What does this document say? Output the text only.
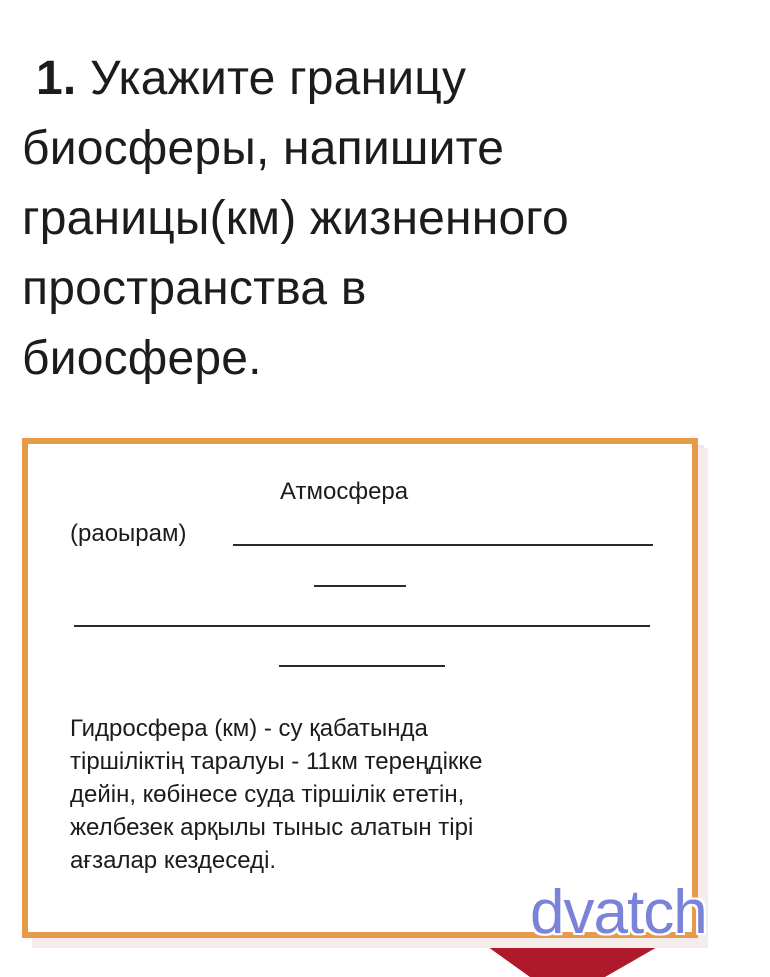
1. Укажите границу
биосферы, напишите
границы(км) жизненного
пространства в
биосфере.
Атмосфера
(раоырам)

Гидросфера (км) - су қабатында
тіршіліктің таралуы - 11км тереңдікке
дейін, көбінесе суда тіршілік ететін,
желбезек арқылы тыныс алатын тірі
ағзалар кездеседі.

dvatch
